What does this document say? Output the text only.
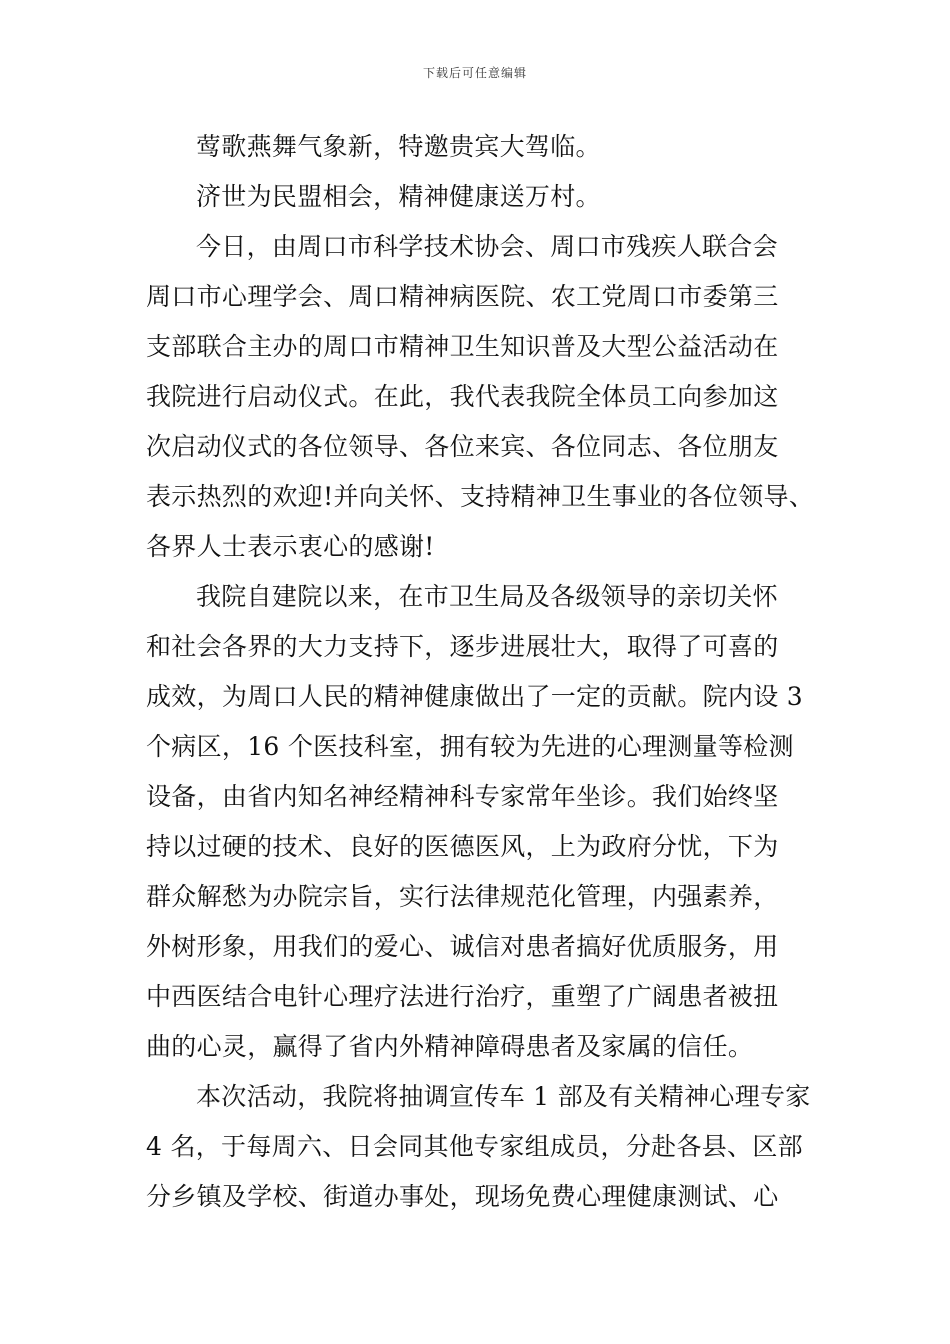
下载后可任意编辑
莺歌燕舞气象新，特邀贵宾大驾临。
济世为民盟相会，精神健康送万村。
今日，由周口市科学技术协会、周口市残疾人联合会
周口市心理学会、周口精神病医院、农工党周口市委第三
支部联合主办的周口市精神卫生知识普及大型公益活动在
我院进行启动仪式。在此，我代表我院全体员工向参加这
次启动仪式的各位领导、各位来宾、各位同志、各位朋友
表示热烈的欢迎!并向关怀、支持精神卫生事业的各位领导、
各界人士表示衷心的感谢!
我院自建院以来，在市卫生局及各级领导的亲切关怀
和社会各界的大力支持下，逐步进展壮大，取得了可喜的
成效，为周口人民的精神健康做出了一定的贡献。院内设 3
个病区，16 个医技科室，拥有较为先进的心理测量等检测
设备，由省内知名神经精神科专家常年坐诊。我们始终坚
持以过硬的技术、良好的医德医风，上为政府分忧，下为
群众解愁为办院宗旨，实行法律规范化管理，内强素养，
外树形象，用我们的爱心、诚信对患者搞好优质服务，用
中西医结合电针心理疗法进行治疗，重塑了广阔患者被扭
曲的心灵，赢得了省内外精神障碍患者及家属的信任。
本次活动，我院将抽调宣传车 1 部及有关精神心理专家
4 名，于每周六、日会同其他专家组成员，分赴各县、区部
分乡镇及学校、街道办事处，现场免费心理健康测试、心
